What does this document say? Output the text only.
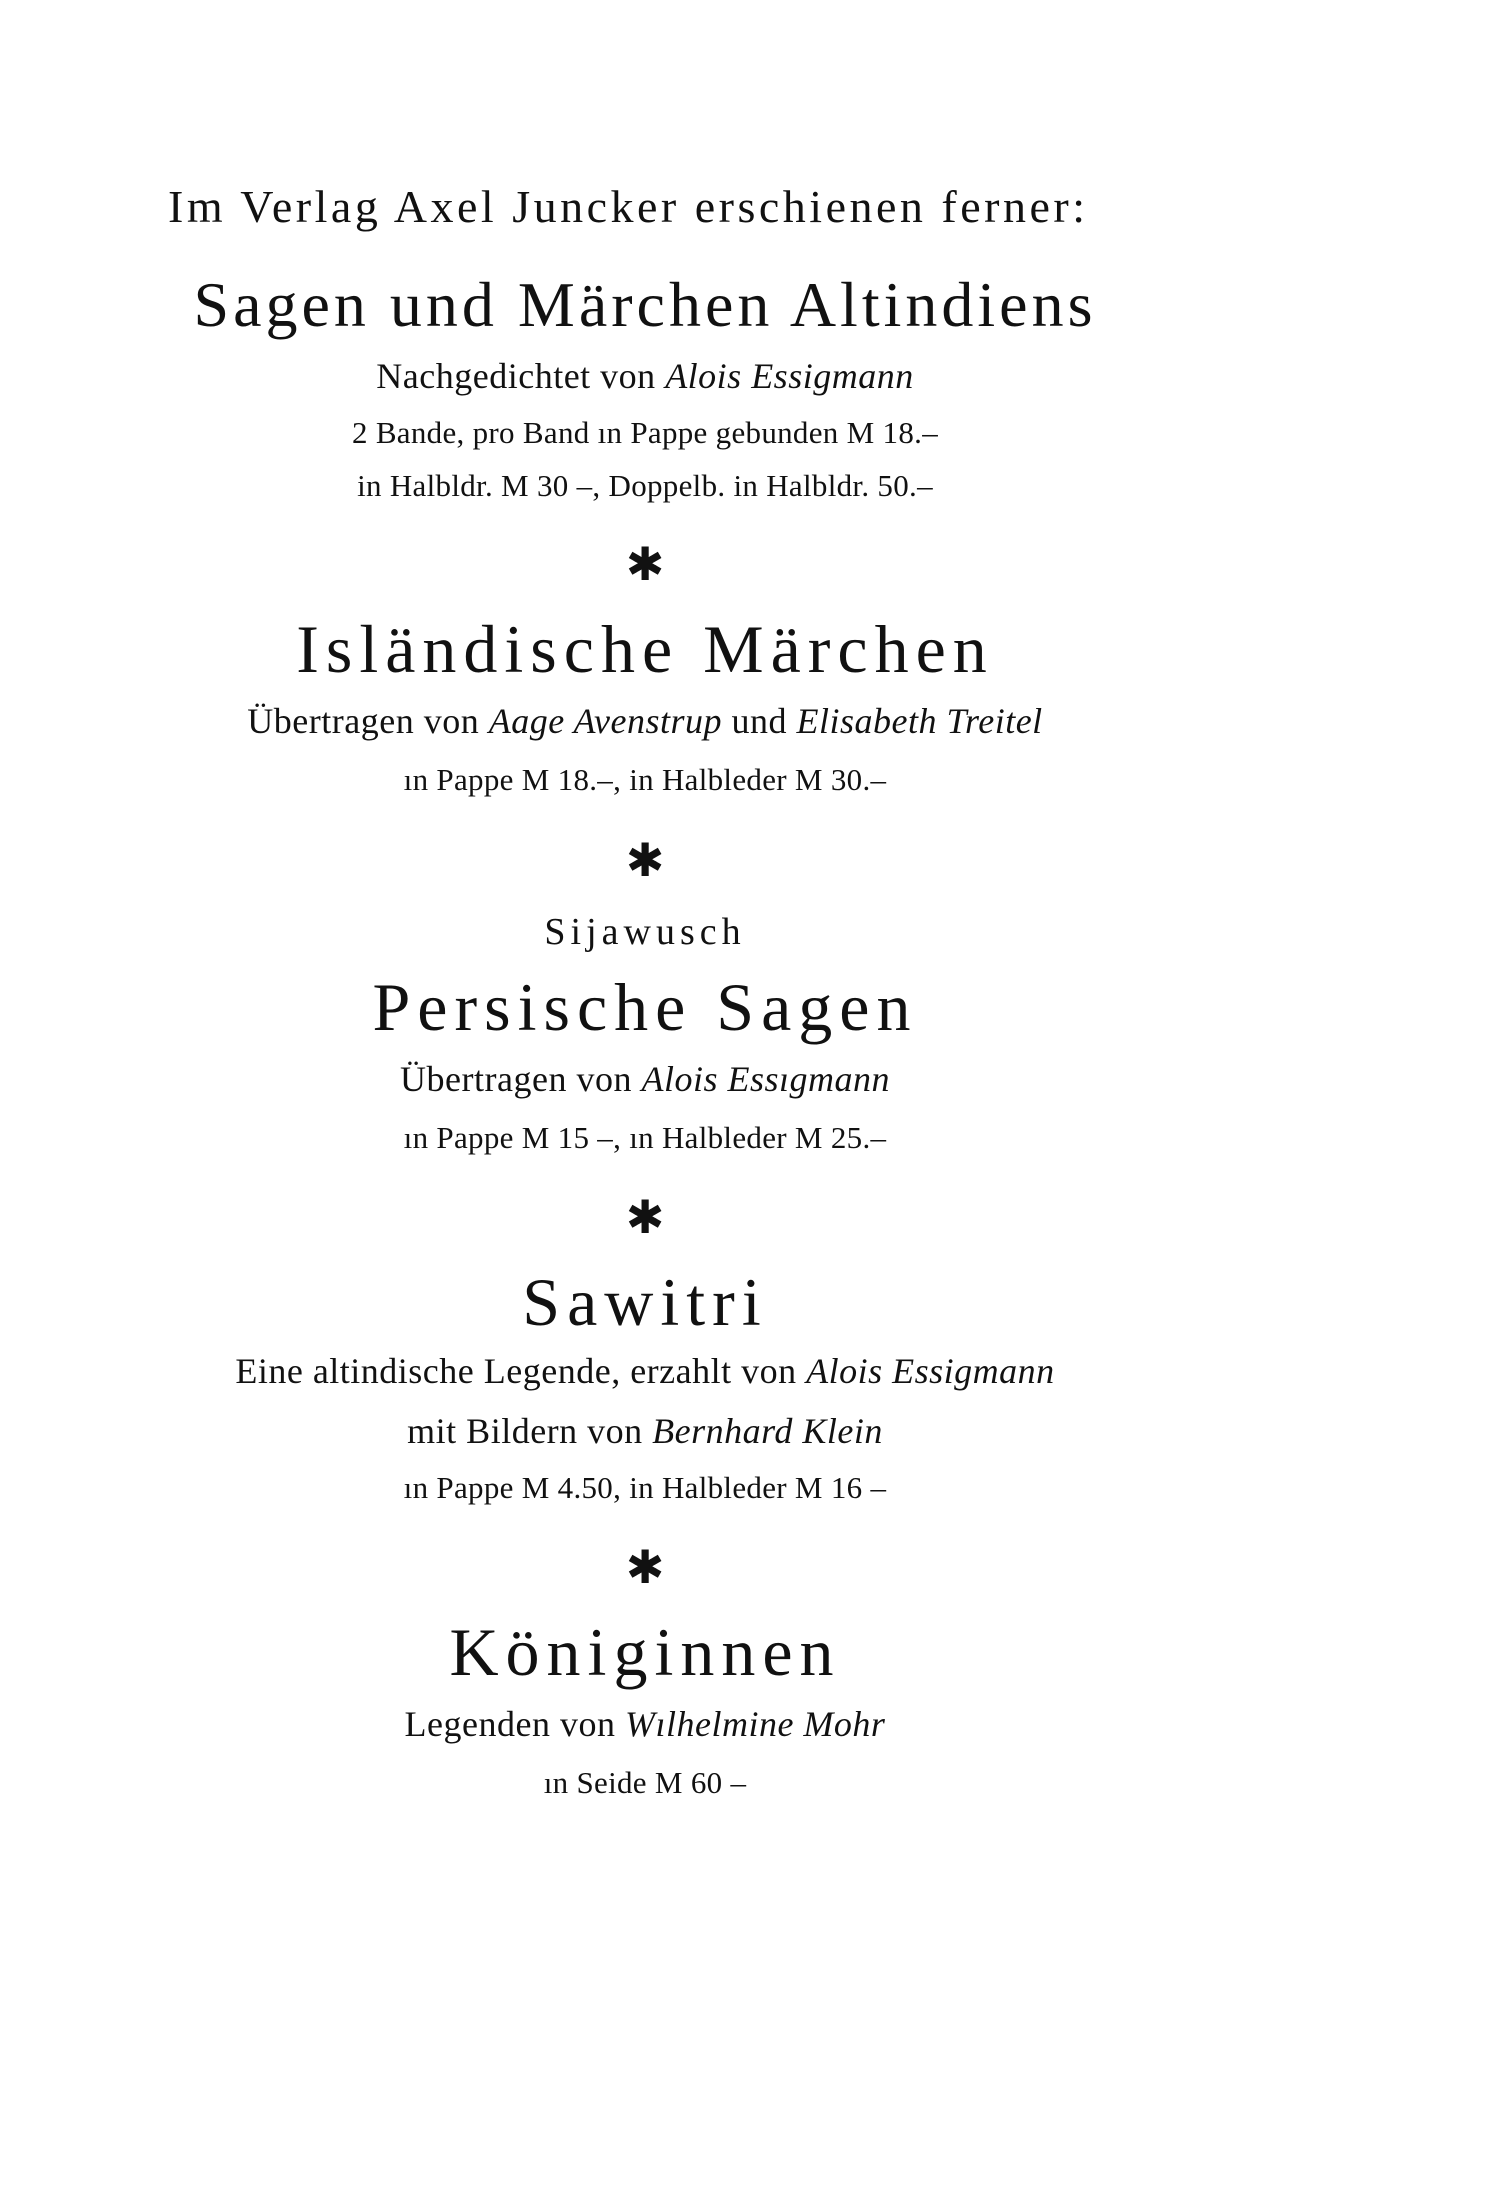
Im Verlag Axel Juncker erschienen ferner:
Sagen und Märchen Altindiens
Nachgedichtet von Alois Essigmann
2 Bande, pro Band ın Pappe gebunden M 18.–
in Halbldr. M 30 –, Doppelb. in Halbldr. 50.–
✱
Isländische Märchen
Übertragen von Aage Avenstrup und Elisabeth Treitel
ın Pappe M 18.–, in Halbleder M 30.–
✱
Sijawusch
Persische Sagen
Übertragen von Alois Essıgmann
ın Pappe M 15 –, ın Halbleder M 25.–
✱
Sawitri
Eine altindische Legende, erzahlt von Alois Essigmann
mit Bildern von Bernhard Klein
ın Pappe M 4.50, in Halbleder M 16 –
✱
Königinnen
Legenden von Wılhelmine Mohr
ın Seide M 60 –
